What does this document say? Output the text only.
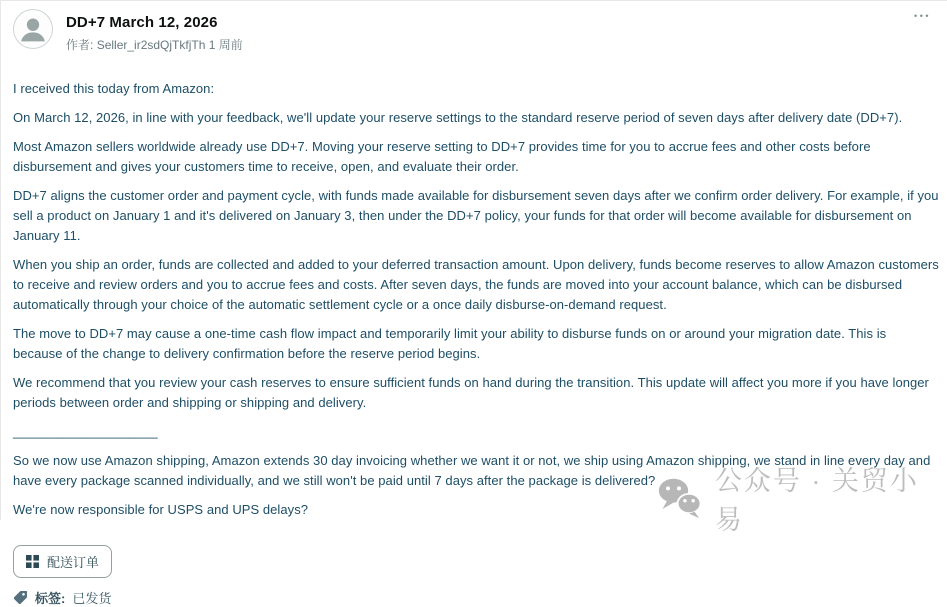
DD+7 March 12, 2026
作者: Seller_ir2sdQjTkfjTh 1 周前
•••

I received this today from Amazon:

On March 12, 2026, in line with your feedback, we'll update your reserve settings to the standard reserve period of seven days after delivery date (DD+7).

Most Amazon sellers worldwide already use DD+7. Moving your reserve setting to DD+7 provides time for you to accrue fees and other costs before disbursement and gives your customers time to receive, open, and evaluate their order.

DD+7 aligns the customer order and payment cycle, with funds made available for disbursement seven days after we confirm order delivery. For example, if you sell a product on January 1 and it's delivered on January 3, then under the DD+7 policy, your funds for that order will become available for disbursement on January 11.

When you ship an order, funds are collected and added to your deferred transaction amount. Upon delivery, funds become reserves to allow Amazon customers to receive and review orders and you to accrue fees and costs. After seven days, the funds are moved into your account balance, which can be disbursed automatically through your choice of the automatic settlement cycle or a once daily disburse-on-demand request.

The move to DD+7 may cause a one-time cash flow impact and temporarily limit your ability to disburse funds on or around your migration date. This is because of the change to delivery confirmation before the reserve period begins.

We recommend that you review your cash reserves to ensure sufficient funds on hand during the transition. This update will affect you more if you have longer periods between order and shipping or shipping and delivery.

____________________

So we now use Amazon shipping, Amazon extends 30 day invoicing whether we want it or not, we ship using Amazon shipping, we stand in line every day and have every package scanned individually, and we still won't be paid until 7 days after the package is delivered?

We're now responsible for USPS and UPS delays?

配送订单
标签: 已发货
公众号 · 关贸小易
